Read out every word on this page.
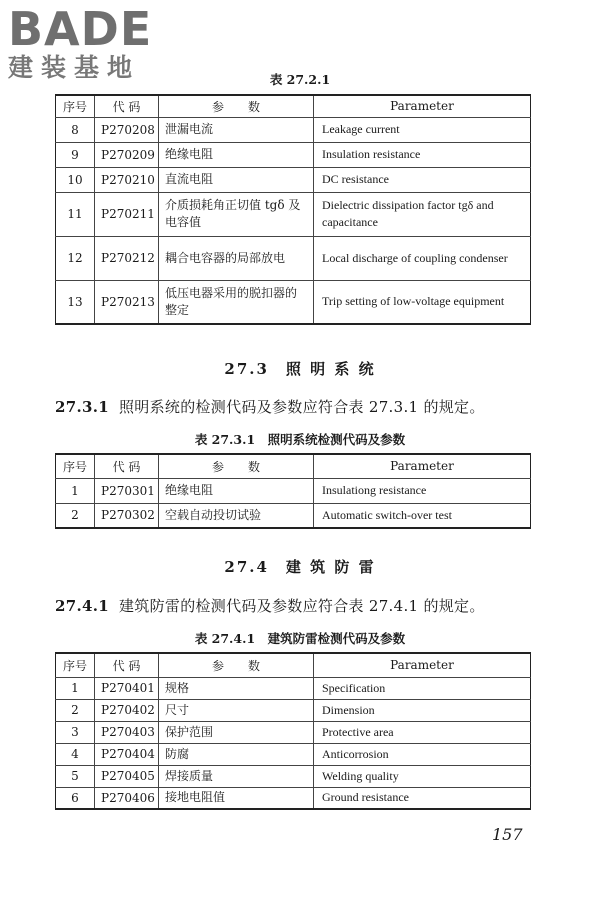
BADE
建装基地	表 27.2.1
序号	代 码	参　　数	Parameter
8	P270208	泄漏电流	Leakage current
9	P270209	绝缘电阻	Insulation resistance
10	P270210	直流电阻	DC resistance
11	P270211	介质损耗角正切值 tgδ 及电容值	Dielectric dissipation factor tgδ and capacitance
12	P270212	耦合电容器的局部放电	Local discharge of coupling condenser
13	P270213	低压电器采用的脱扣器的整定	Trip setting of low-voltage equipment
27.3　照 明 系 统
27.3.1 照明系统的检测代码及参数应符合表 27.3.1 的规定。
表 27.3.1　照明系统检测代码及参数
序号	代 码	参　　数	Parameter
1	P270301	绝缘电阻	Insulationg resistance
2	P270302	空载自动投切试验	Automatic switch-over test
27.4　建 筑 防 雷
27.4.1 建筑防雷的检测代码及参数应符合表 27.4.1 的规定。
表 27.4.1　建筑防雷检测代码及参数
序号	代 码	参　　数	Parameter
1	P270401	规格	Specification
2	P270402	尺寸	Dimension
3	P270403	保护范围	Protective area
4	P270404	防腐	Anticorrosion
5	P270405	焊接质量	Welding quality
6	P270406	接地电阻值	Ground resistance
157
